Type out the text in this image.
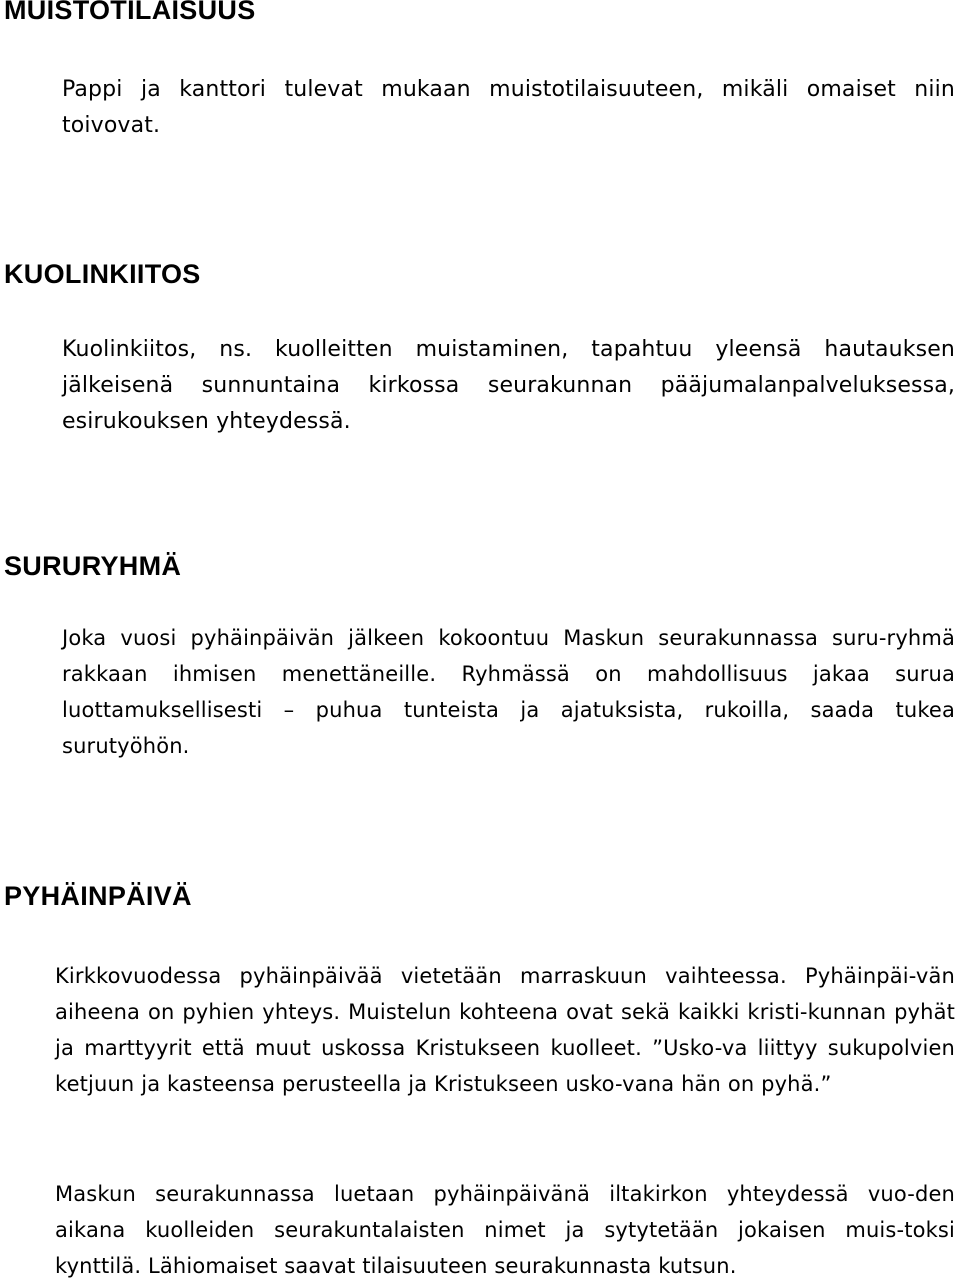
MUISTOTILAISUUS

Pappi ja kanttori tulevat mukaan muistotilaisuuteen, mikäli omaiset niin toivovat.

KUOLINKIITOS

Kuolinkiitos, ns. kuolleitten muistaminen, tapahtuu yleensä hautauksen jälkeisenä sunnuntaina kirkossa seurakunnan pääjumalanpalveluksessa, esirukouksen yhteydessä.

SURURYHMÄ

Joka vuosi pyhäinpäivän jälkeen kokoontuu Maskun seurakunnassa suru-ryhmä rakkaan ihmisen menettäneille. Ryhmässä on mahdollisuus jakaa surua luottamuksellisesti – puhua tunteista ja ajatuksista, rukoilla, saada tukea surutyöhön.

PYHÄINPÄIVÄ

Kirkkovuodessa pyhäinpäivää vietetään marraskuun vaihteessa. Pyhäinpäi-vän aiheena on pyhien yhteys. Muistelun kohteena ovat sekä kaikki kristi-kunnan pyhät ja marttyyrit että muut uskossa Kristukseen kuolleet. ”Usko-va liittyy sukupolvien ketjuun ja kasteensa perusteella ja Kristukseen usko-vana hän on pyhä.”

Maskun seurakunnassa luetaan pyhäinpäivänä iltakirkon yhteydessä vuo-den aikana kuolleiden seurakuntalaisten nimet ja sytytetään jokaisen muis-toksi kynttilä. Lähiomaiset saavat tilaisuuteen seurakunnasta kutsun.
